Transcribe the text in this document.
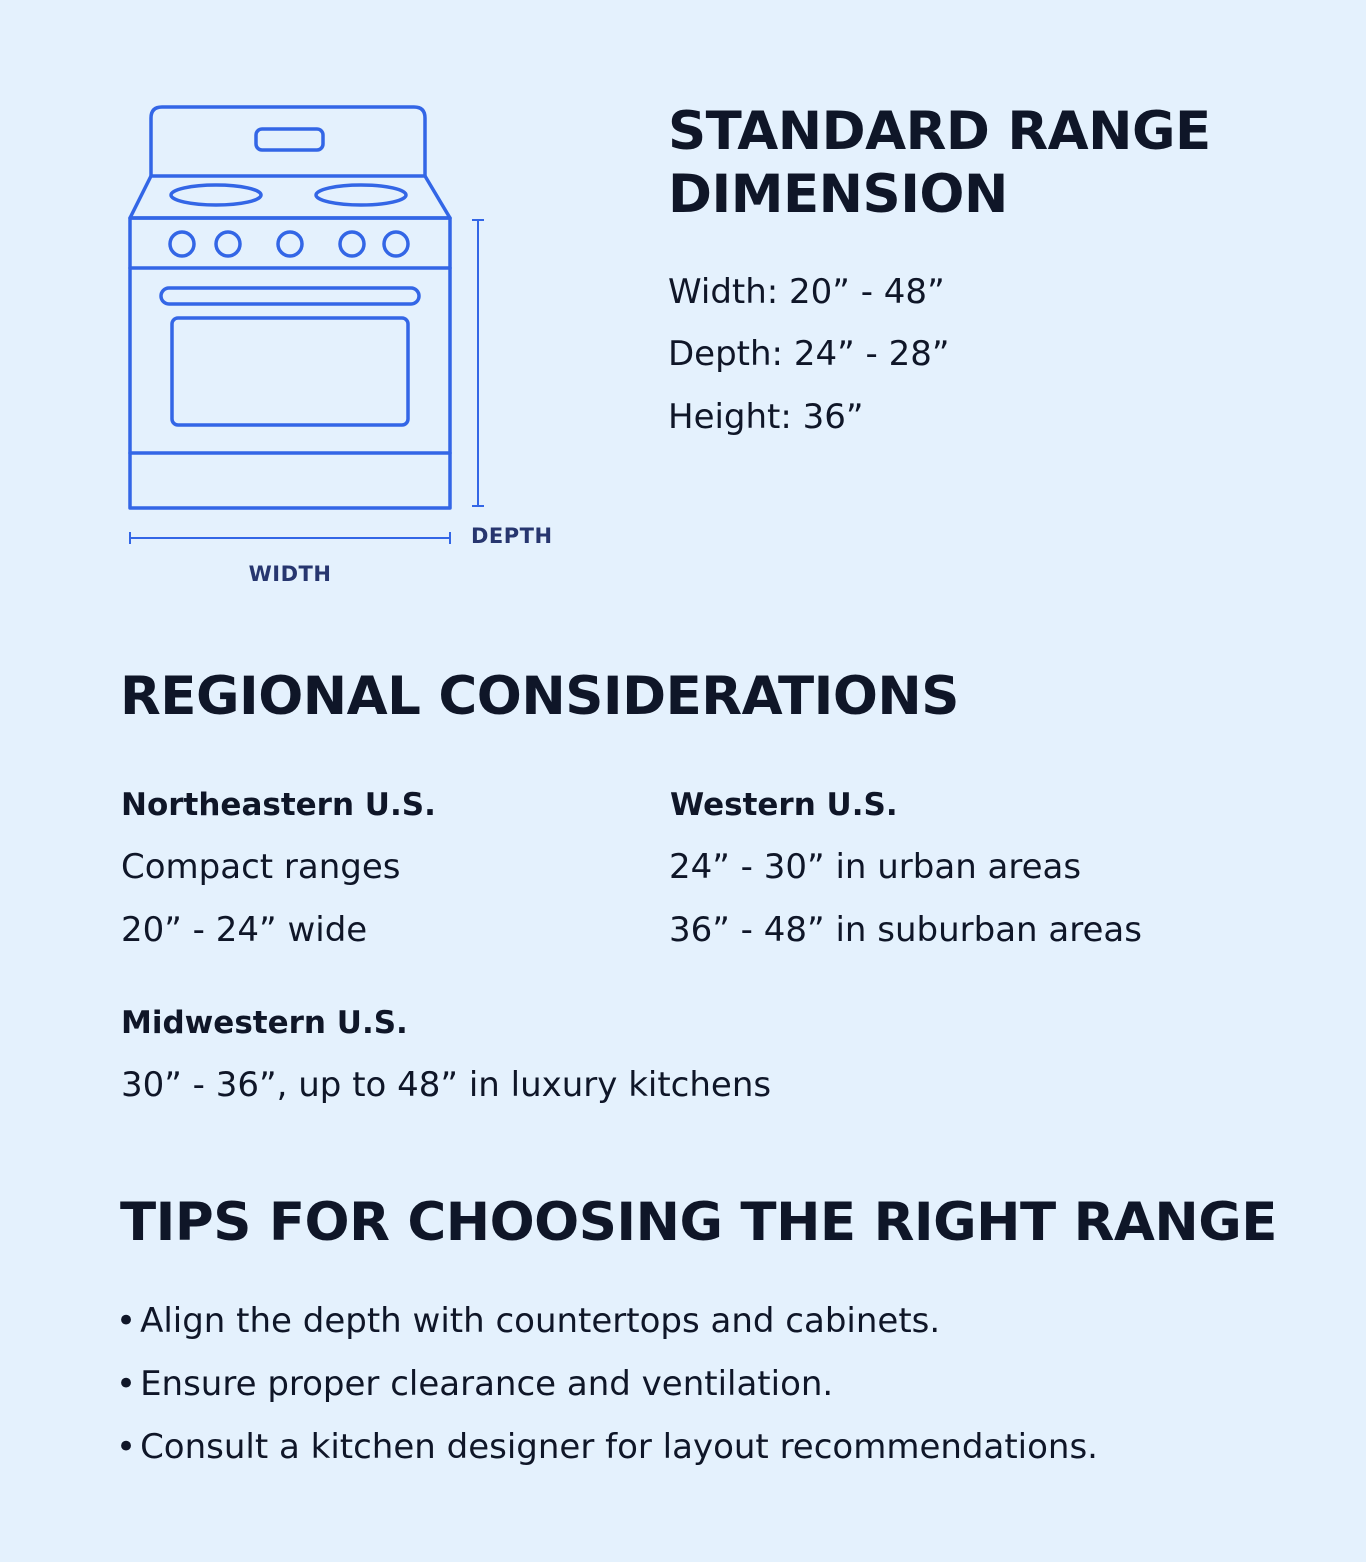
DEPTH
WIDTH
STANDARD RANGE
DIMENSION

Width: 20” - 48”

Depth: 24” - 28”

Height: 36”

REGIONAL CONSIDERATIONS

Northeastern U.S.

Compact ranges

20” - 24” wide

Western U.S.

24” - 30” in urban areas

36” - 48” in suburban areas

Midwestern U.S.

30” - 36”, up to 48” in luxury kitchens

TIPS FOR CHOOSING THE RIGHT RANGE

• Align the depth with countertops and cabinets.

• Ensure proper clearance and ventilation.

• Consult a kitchen designer for layout recommendations.
